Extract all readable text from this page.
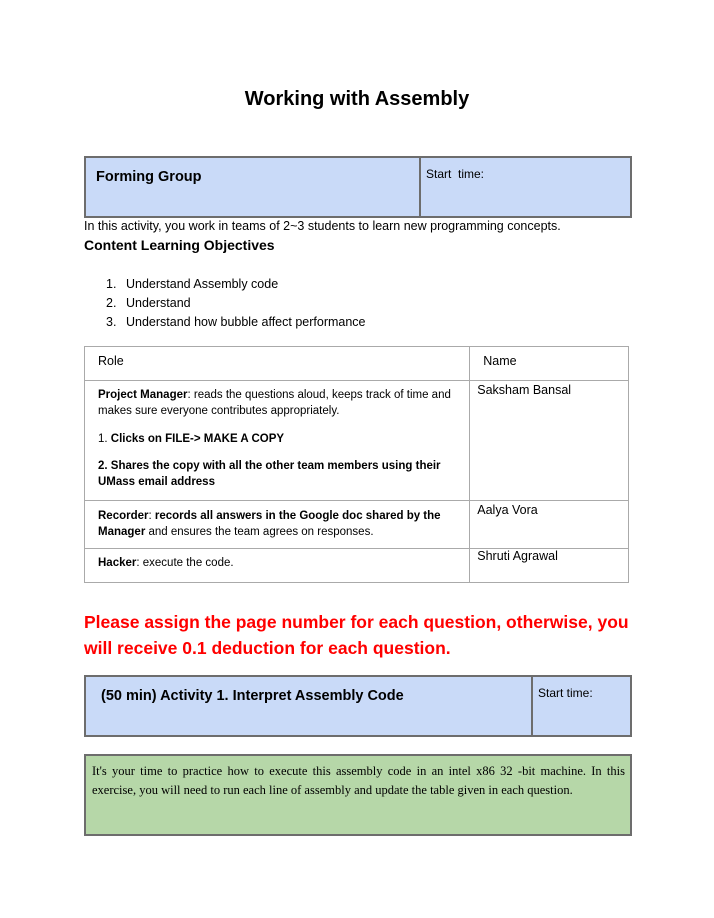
Working with Assembly
Forming Group	Start  time:
In this activity, you work in teams of 2~3 students to learn new programming concepts.
Content Learning Objectives
1. Understand Assembly code
2. Understand
3. Understand how bubble affect performance
Role	Name

Project Manager: reads the questions aloud, keeps track of time and makes sure everyone contributes appropriately.

1. Clicks on FILE-> MAKE A COPY

2. Shares the copy with all the other team members using their UMass email address	Saksham Bansal

Recorder: records all answers in the Google doc shared by the Manager and ensures the team agrees on responses.	Aalya Vora

Hacker: execute the code.	Shruti Agrawal
Please assign the page number for each question, otherwise, you will receive 0.1 deduction for each question.
(50 min) Activity 1. Interpret Assembly Code	Start time:
It's your time to practice how to execute this assembly code in an intel x86 32 -bit machine. In this exercise, you will need to run each line of assembly and update the table given in each question.
